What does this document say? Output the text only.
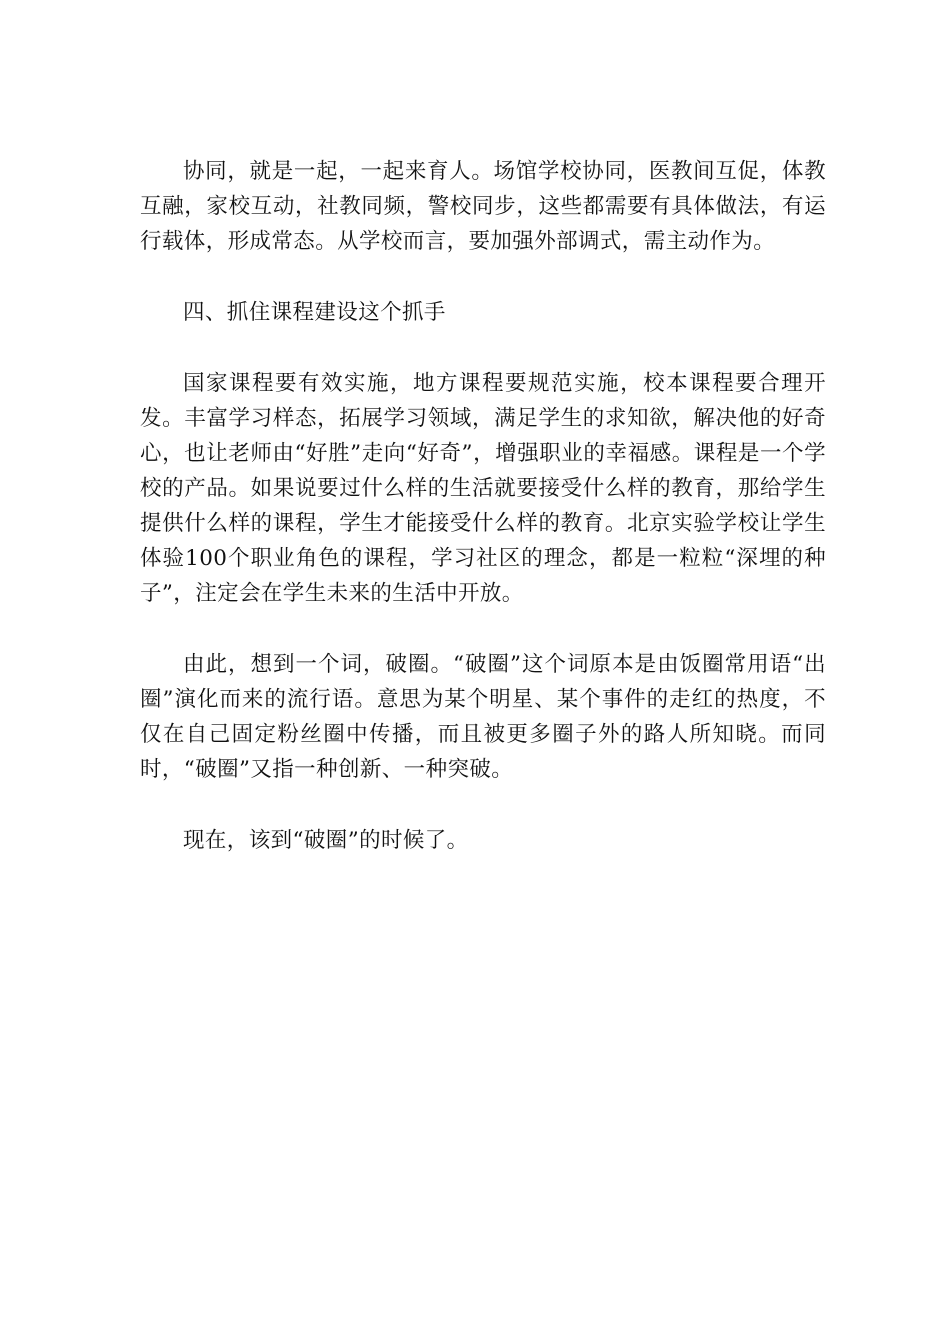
协同，就是一起，一起来育人。场馆学校协同，医教间互促，体教互融，家校互动，社教同频，警校同步，这些都需要有具体做法，有运行载体，形成常态。从学校而言，要加强外部调式，需主动作为。

四、抓住课程建设这个抓手

国家课程要有效实施，地方课程要规范实施，校本课程要合理开发。丰富学习样态，拓展学习领域，满足学生的求知欲，解决他的好奇心，也让老师由“好胜”走向“好奇”，增强职业的幸福感。课程是一个学校的产品。如果说要过什么样的生活就要接受什么样的教育，那给学生提供什么样的课程，学生才能接受什么样的教育。北京实验学校让学生体验100个职业角色的课程，学习社区的理念，都是一粒粒“深埋的种子”，注定会在学生未来的生活中开放。

由此，想到一个词，破圈。“破圈”这个词原本是由饭圈常用语“出圈”演化而来的流行语。意思为某个明星、某个事件的走红的热度，不仅在自己固定粉丝圈中传播，而且被更多圈子外的路人所知晓。而同时，“破圈”又指一种创新、一种突破。

现在，该到“破圈”的时候了。
